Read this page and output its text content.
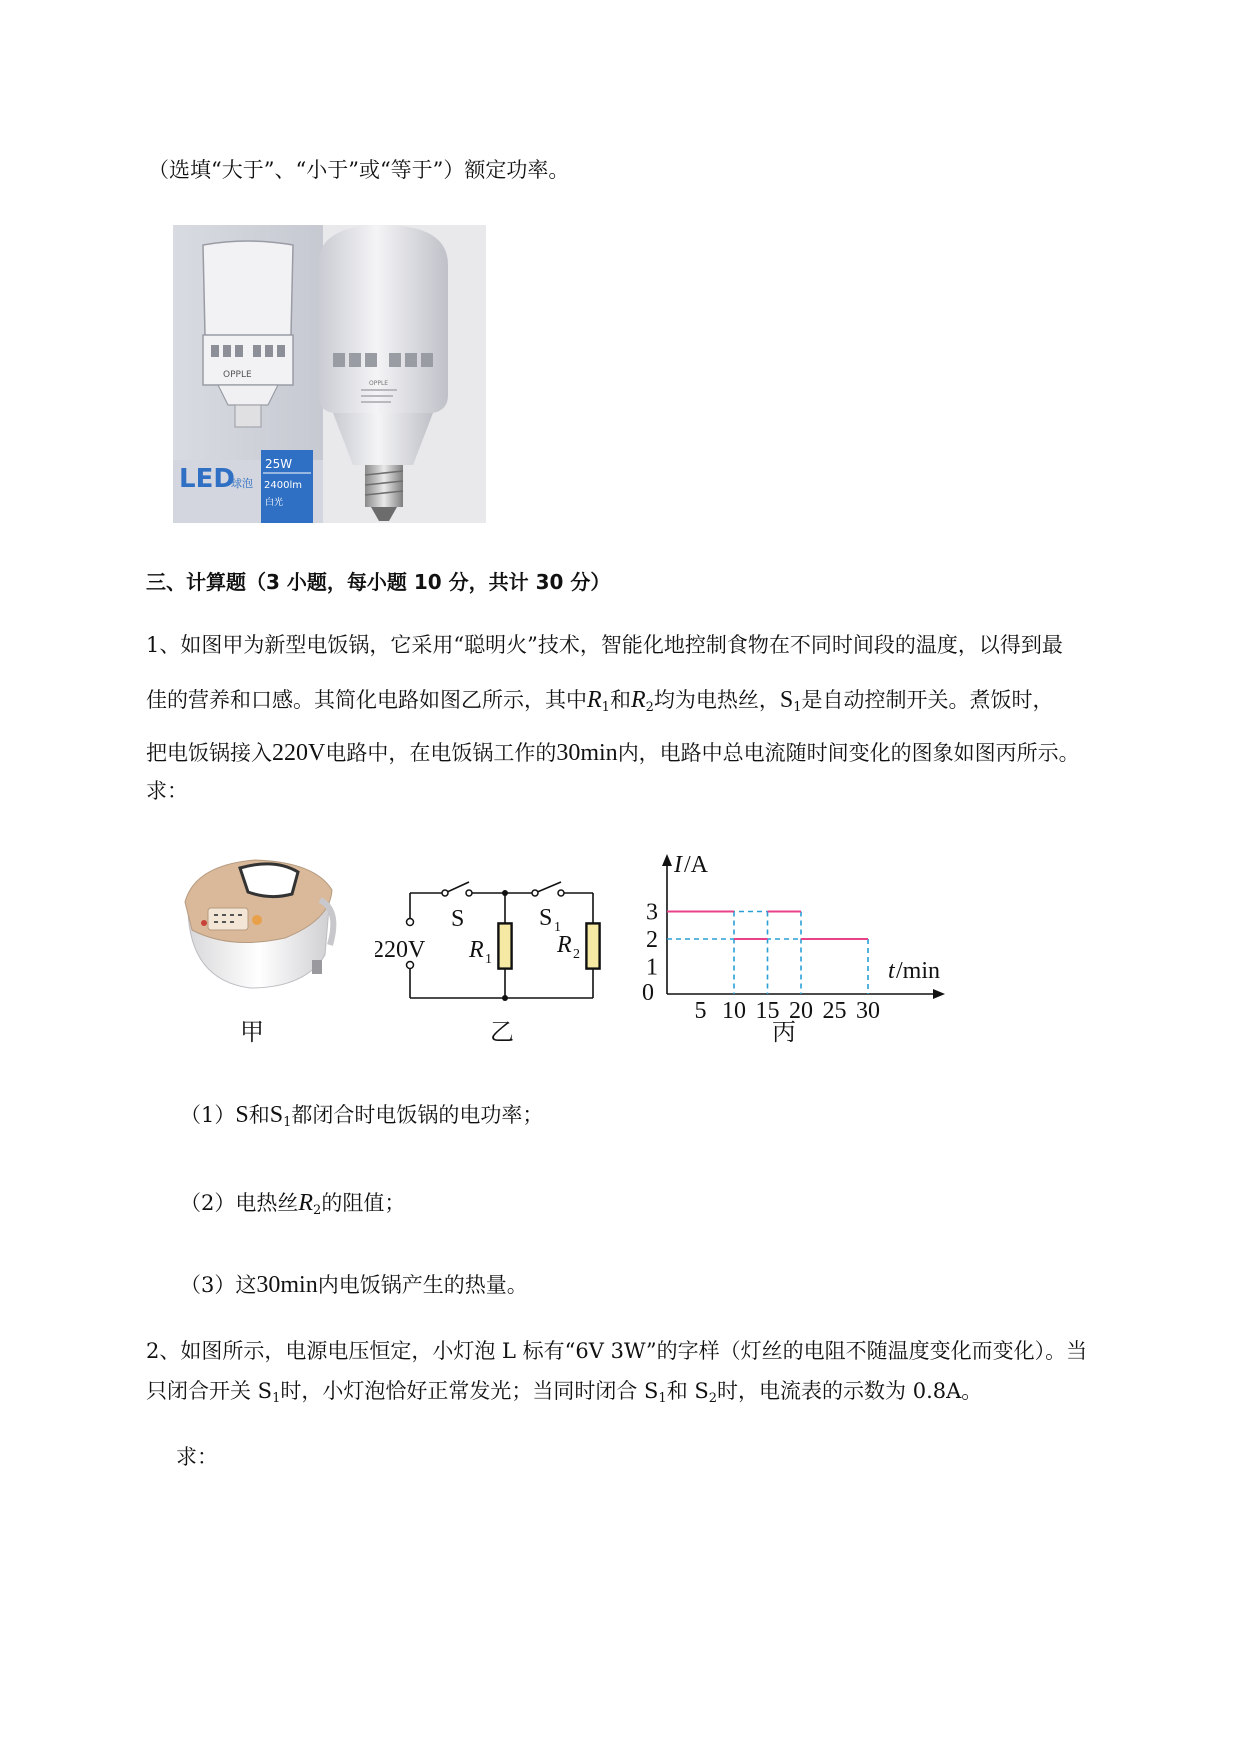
（选填“大于”、“小于”或“等于”）额定功率。
OPPLE
LED
球泡
25W
2400lm
白光
OPPLE
三、计算题（3 小题，每小题 10 分，共计 30 分）
1、如图甲为新型电饭锅，它采用“聪明火”技术，智能化地控制食物在不同时间段的温度，以得到最
佳的营养和口感。其简化电路如图乙所示，其中$R_1$和$R_2$均为电热丝，$S_1$是自动控制开关。煮饭时，
把电饭锅接入220V电路中，在电饭锅工作的30min内，电路中总电流随时间变化的图象如图丙所示。
求：
甲
S	S 1
220V R 1
R 2
乙
3
2
1
5 10 15 20 25 30
I /A
t /min
0
丙
（1）S和$S_1$都闭合时电饭锅的电功率；
（2）电热丝$R_2$的阻值；
（3）这30min内电饭锅产生的热量。
2、如图所示，电源电压恒定，小灯泡 L 标有“6V 3W”的字样（灯丝的电阻不随温度变化而变化）。当
只闭合开关 $S_1$时，小灯泡恰好正常发光；当同时闭合 $S_1$和 $S_2$时，电流表的示数为 0.8A。
求：
